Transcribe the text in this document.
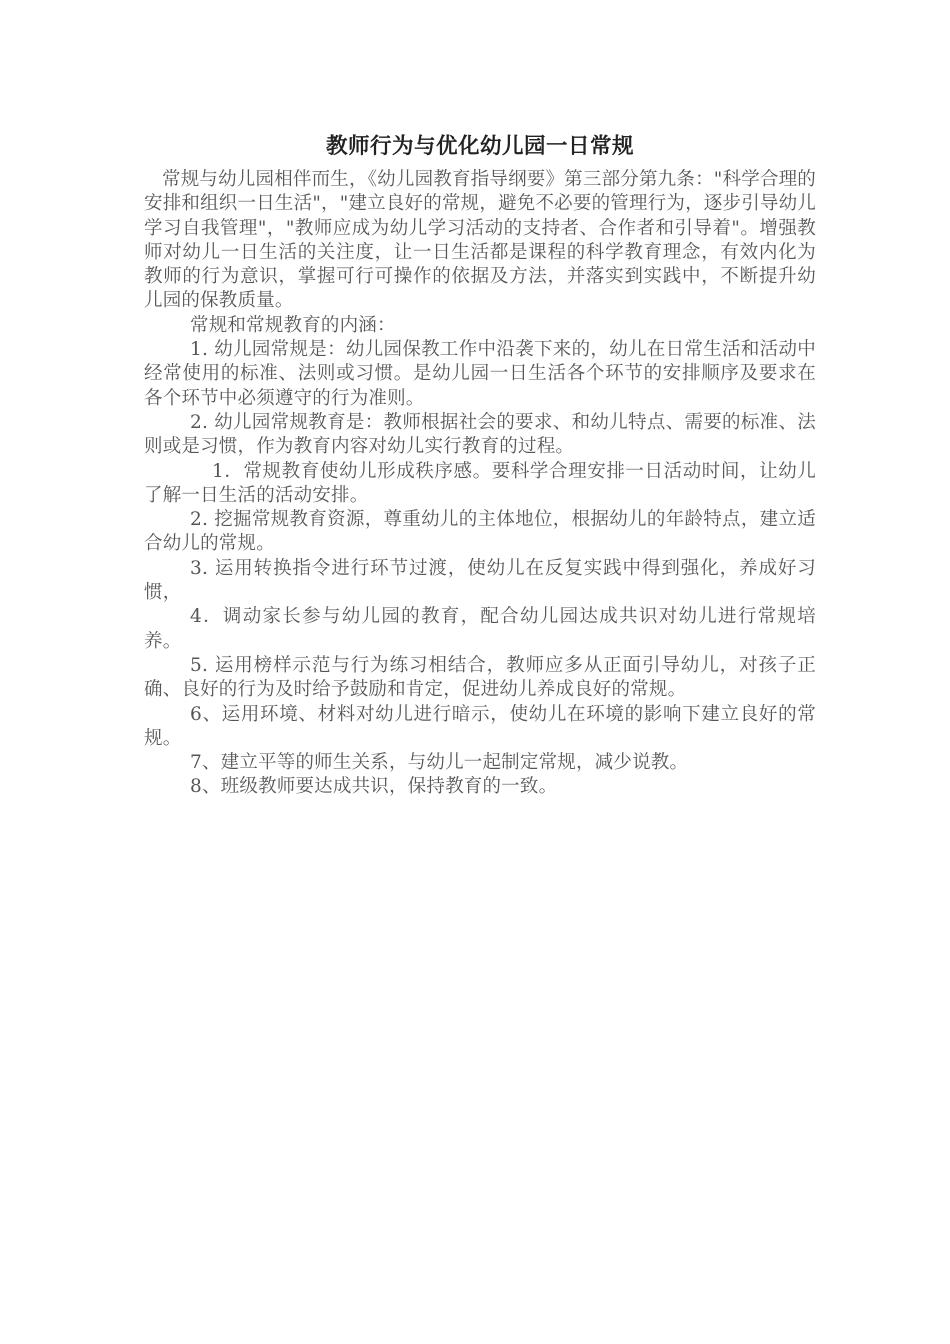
教师行为与优化幼儿园一日常规

常规与幼儿园相伴而生，《幼儿园教育指导纲要》第三部分第九条："科学合理的安排和组织一日生活"，"建立良好的常规，避免不必要的管理行为，逐步引导幼儿学习自我管理"，"教师应成为幼儿学习活动的支持者、合作者和引导着"。增强教师对幼儿一日生活的关注度，让一日生活都是课程的科学教育理念，有效内化为教师的行为意识，掌握可行可操作的依据及方法，并落实到实践中，不断提升幼儿园的保教质量。

常规和常规教育的内涵：

1. 幼儿园常规是：幼儿园保教工作中沿袭下来的，幼儿在日常生活和活动中经常使用的标准、法则或习惯。是幼儿园一日生活各个环节的安排顺序及要求在各个环节中必须遵守的行为准则。

2. 幼儿园常规教育是：教师根据社会的要求、和幼儿特点、需要的标准、法则或是习惯，作为教育内容对幼儿实行教育的过程。

1．常规教育使幼儿形成秩序感。要科学合理安排一日活动时间，让幼儿了解一日生活的活动安排。

2. 挖掘常规教育资源，尊重幼儿的主体地位，根据幼儿的年龄特点，建立适合幼儿的常规。

3. 运用转换指令进行环节过渡，使幼儿在反复实践中得到强化，养成好习惯，

4．调动家长参与幼儿园的教育，配合幼儿园达成共识对幼儿进行常规培养。

5. 运用榜样示范与行为练习相结合，教师应多从正面引导幼儿，对孩子正确、良好的行为及时给予鼓励和肯定，促进幼儿养成良好的常规。

6、运用环境、材料对幼儿进行暗示，使幼儿在环境的影响下建立良好的常规。

7、建立平等的师生关系，与幼儿一起制定常规，减少说教。

8、班级教师要达成共识，保持教育的一致。
